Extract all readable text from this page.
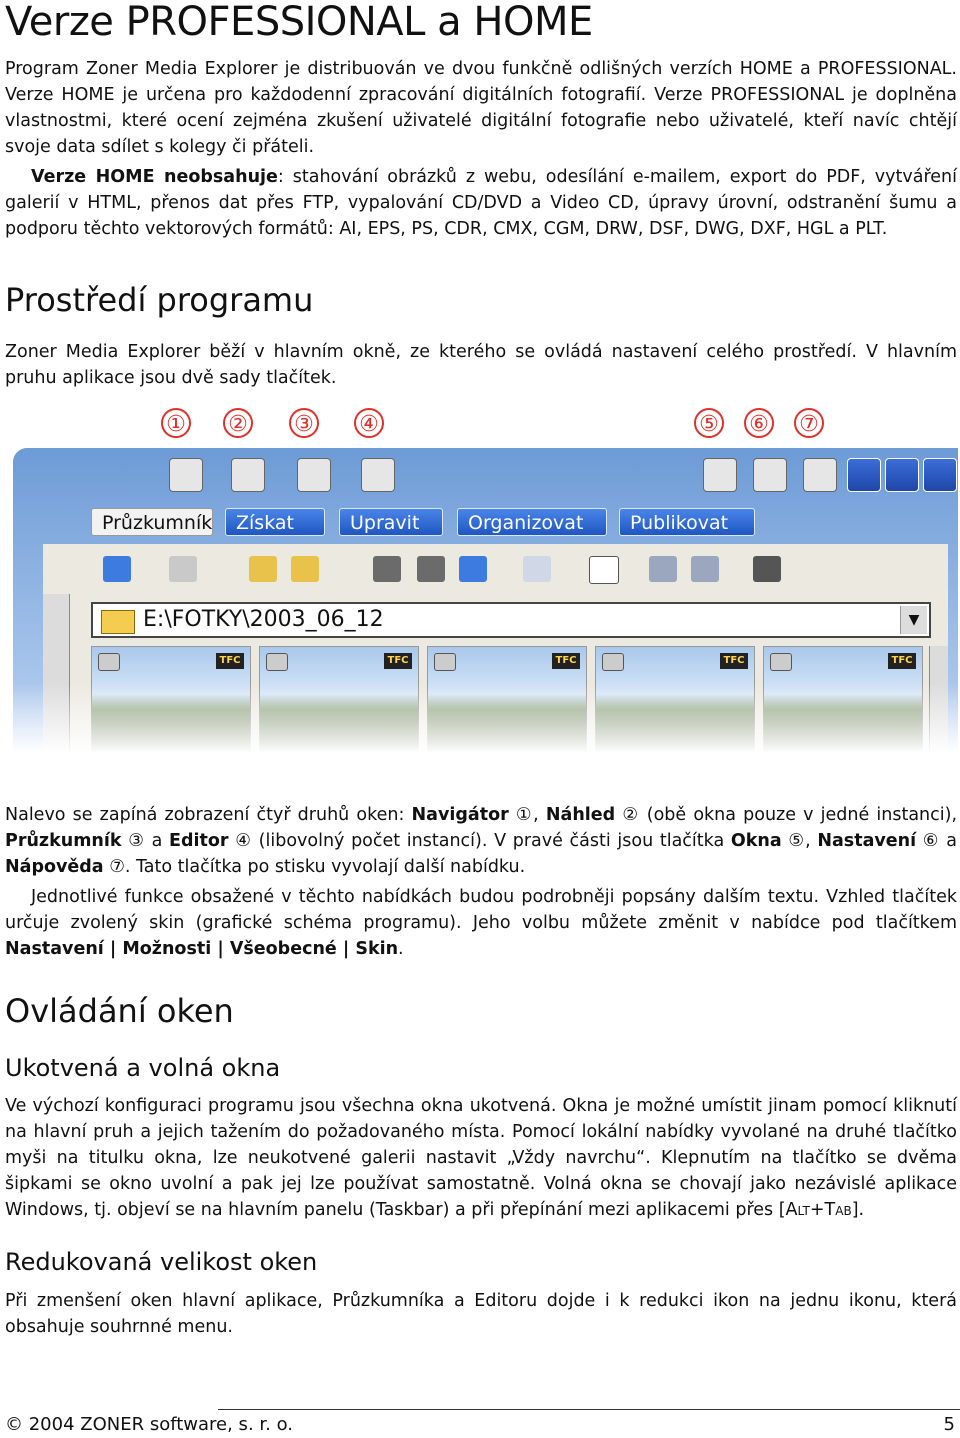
Verze PROFESSIONAL a HOME

Program Zoner Media Explorer je distribuován ve dvou funkčně odlišných verzích HOME a PROFESSIONAL. Verze HOME je určena pro každodenní zpracování digitálních fotografií. Verze PROFESSIONAL je doplněna vlastnostmi, které ocení zejména zkušení uživatelé digitální fotografie nebo uživatelé, kteří navíc chtějí svoje data sdílet s kolegy či přáteli.

Verze HOME neobsahuje: stahování obrázků z webu, odesílání e-mailem, export do PDF, vytváření galerií v HTML, přenos dat přes FTP, vypalování CD/DVD a Video CD, úpravy úrovní, odstranění šumu a podporu těchto vektorových formátů: AI, EPS, PS, CDR, CMX, CGM, DRW, DSF, DWG, DXF, HGL a PLT.

Prostředí programu

Zoner Media Explorer běží v hlavním okně, ze kterého se ovládá nastavení celého prostředí. V hlavním pruhu aplikace jsou dvě sady tlačítek.

① ② ③ ④	⑤ ⑥ ⑦
Průzkumník	Získat	Upravit	Organizovat	Publikovat
E:\FOTKY\2003_06_12	▼
TFC	TFC	TFC	TFC	TFC

Nalevo se zapíná zobrazení čtyř druhů oken: Navigátor ①, Náhled ② (obě okna pouze v jedné instanci), Průzkumník ③ a Editor ④ (libovolný počet instancí). V pravé části jsou tlačítka Okna ⑤, Nastavení ⑥ a Nápověda ⑦. Tato tlačítka po stisku vyvolají další nabídku.

Jednotlivé funkce obsažené v těchto nabídkách budou podrobněji popsány dalším textu. Vzhled tlačítek určuje zvolený skin (grafické schéma programu). Jeho volbu můžete změnit v nabídce pod tlačítkem Nastavení | Možnosti | Všeobecné | Skin.

Ovládání oken
Ukotvená a volná okna

Ve výchozí konfiguraci programu jsou všechna okna ukotvená. Okna je možné umístit jinam pomocí kliknutí na hlavní pruh a jejich tažením do požadovaného místa. Pomocí lokální nabídky vyvolané na druhé tlačítko myši na titulku okna, lze neukotvené galerii nastavit „Vždy navrchu“. Klepnutím na tlačítko se dvěma šipkami se okno uvolní a pak jej lze používat samostatně. Volná okna se chovají jako nezávislé aplikace Windows, tj. objeví se na hlavním panelu (Taskbar) a při přepínání mezi aplikacemi přes [Alt+Tab].

Redukovaná velikost oken

Při zmenšení oken hlavní aplikace, Průzkumníka a Editoru dojde i k redukci ikon na jednu ikonu, která obsahuje souhrnné menu.

© 2004 ZONER software, s. r. o.	5
